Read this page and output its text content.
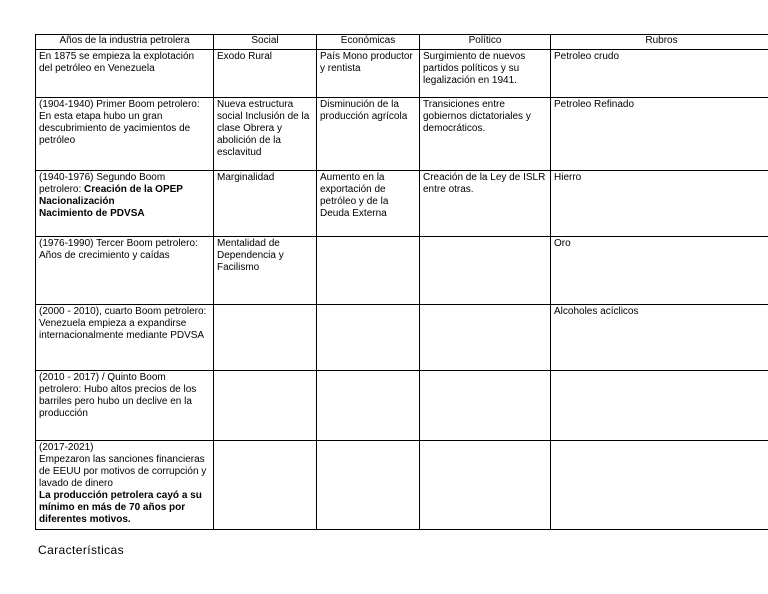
Años de la industria petrolera	Social	Económicas	Político	Rubros
En 1875 se empieza la explotación del petróleo en Venezuela	Exodo Rural	País Mono productor y rentista	Surgimiento de nuevos partidos políticos y su legalización en 1941.	Petroleo crudo
(1904-1940) Primer Boom petrolero: En esta etapa hubo un gran descubrimiento de yacimientos de petróleo	Nueva estructura social Inclusión de la clase Obrera y abolición de la esclavitud	Disminución de la producción agrícola	Transiciones entre gobiernos dictatoriales y democráticos.	Petroleo Refinado
(1940-1976) Segundo Boom petrolero: Creación de la OPEP
Nacionalización
Nacimiento de PDVSA	Marginalidad	Aumento en la exportación de petróleo y de la Deuda Externa	Creación de la Ley de ISLR entre otras.	Hierro
(1976-1990) Tercer Boom petrolero: Años de crecimiento y caídas	Mentalidad de Dependencia y Facilismo			Oro
(2000 - 2010), cuarto Boom petrolero: Venezuela empieza a expandirse internacionalmente mediante PDVSA				Alcoholes acíclicos
(2010 - 2017) / Quinto Boom petrolero: Hubo altos precios de los barriles pero hubo un declive en la producción				

(2017-2021)
Empezaron las sanciones financieras de EEUU por motivos de corrupción y lavado de dinero
La producción petrolera cayó a su mínimo en más de 70 años por diferentes motivos.				

Características
